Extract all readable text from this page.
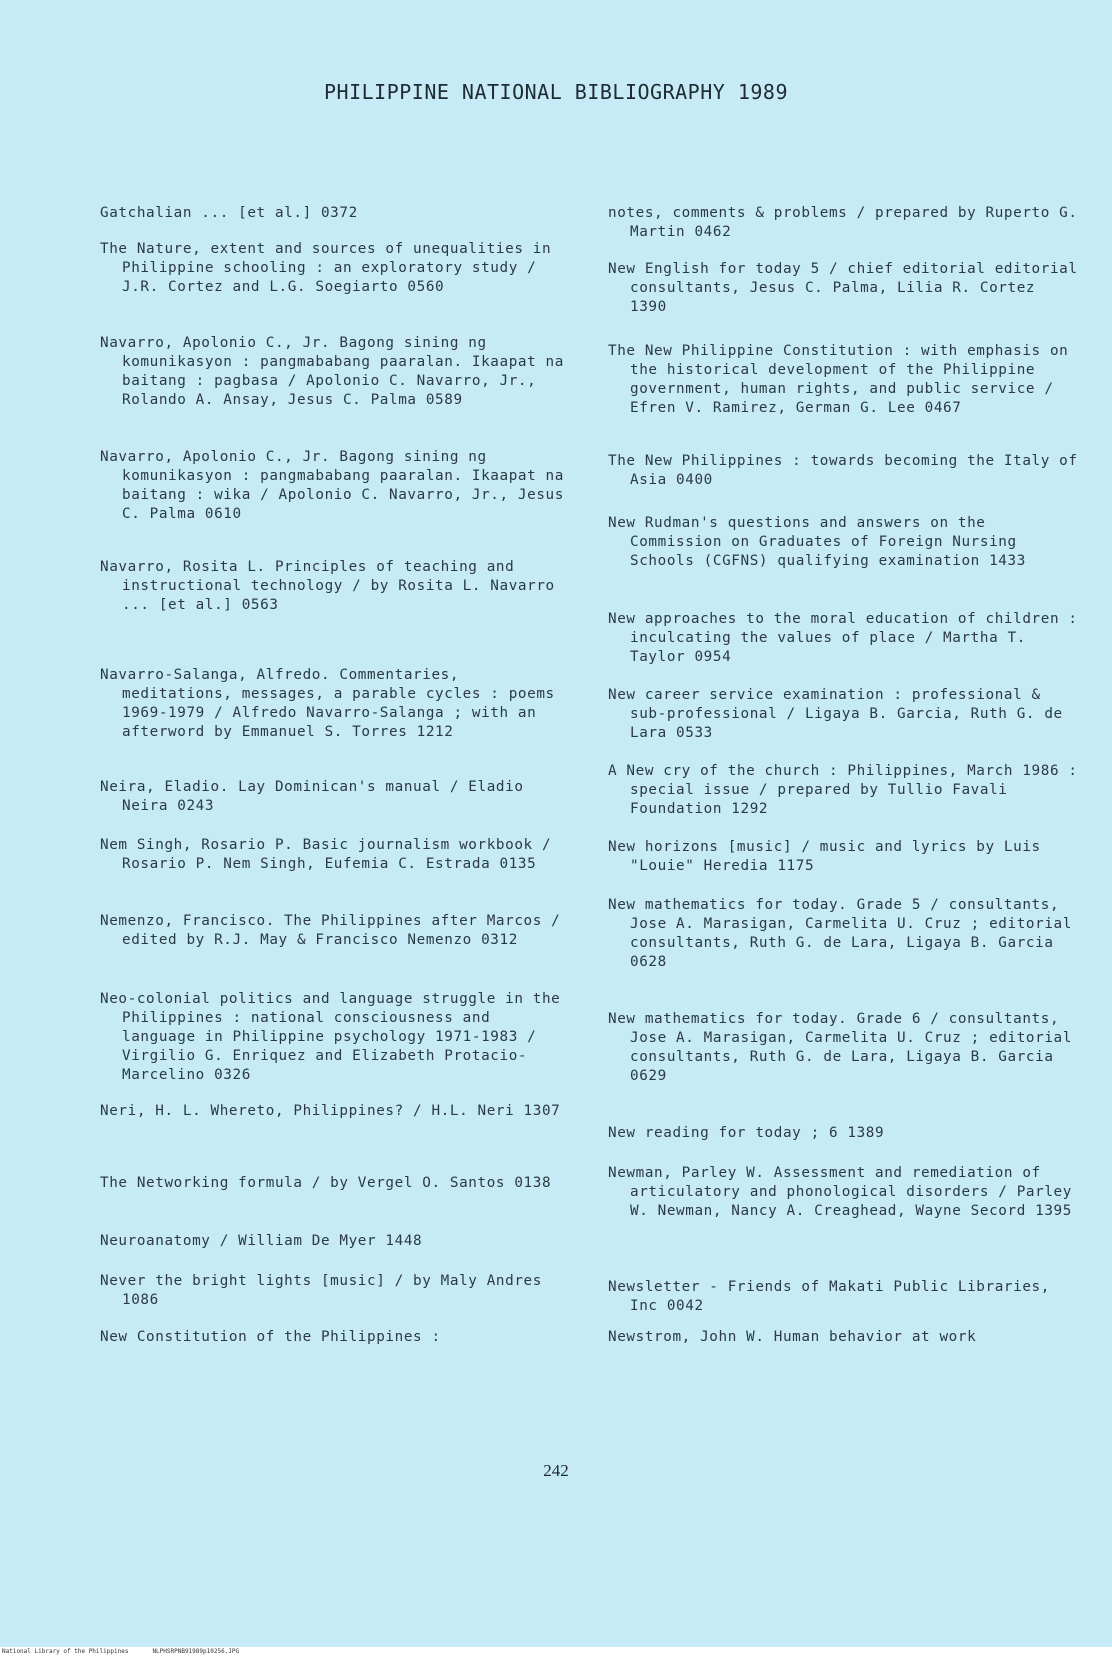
PHILIPPINE NATIONAL BIBLIOGRAPHY 1989
Gatchalian ... [et al.] 0372
The Nature, extent and sources of unequalities in Philippine schooling : an exploratory study / J.R. Cortez and L.G. Soegiarto 0560
Navarro, Apolonio C., Jr. Bagong sining ng komunikasyon : pangmababang paaralan. Ikaapat na baitang : pagbasa / Apolonio C. Navarro, Jr., Rolando A. Ansay, Jesus C. Palma 0589
Navarro, Apolonio C., Jr. Bagong sining ng komunikasyon : pangmababang paaralan. Ikaapat na baitang : wika / Apolonio C. Navarro, Jr., Jesus C. Palma 0610
Navarro, Rosita L. Principles of teaching and instructional technology / by Rosita L. Navarro ... [et al.] 0563
Navarro-Salanga, Alfredo. Commentaries, meditations, messages, a parable cycles : poems 1969-1979 / Alfredo Navarro-Salanga ; with an afterword by Emmanuel S. Torres 1212
Neira, Eladio. Lay Dominican's manual / Eladio Neira 0243
Nem Singh, Rosario P. Basic journalism workbook / Rosario P. Nem Singh, Eufemia C. Estrada 0135
Nemenzo, Francisco. The Philippines after Marcos / edited by R.J. May & Francisco Nemenzo 0312
Neo-colonial politics and language struggle in the Philippines : national consciousness and language in Philippine psychology 1971-1983 / Virgilio G. Enriquez and Elizabeth Protacio-Marcelino 0326
Neri, H. L. Whereto, Philippines? / H.L. Neri 1307
The Networking formula / by Vergel O. Santos 0138
Neuroanatomy / William De Myer 1448
Never the bright lights [music] / by Maly Andres 1086
New Constitution of the Philippines :
notes, comments & problems / prepared by Ruperto G. Martin 0462
New English for today 5 / chief editorial editorial consultants, Jesus C. Palma, Lilia R. Cortez 1390
The New Philippine Constitution : with emphasis on the historical development of the Philippine government, human rights, and public service / Efren V. Ramirez, German G. Lee 0467
The New Philippines : towards becoming the Italy of Asia 0400
New Rudman's questions and answers on the Commission on Graduates of Foreign Nursing Schools (CGFNS) qualifying examination 1433
New approaches to the moral education of children : inculcating the values of place / Martha T. Taylor 0954
New career service examination : professional & sub-professional / Ligaya B. Garcia, Ruth G. de Lara 0533
A New cry of the church : Philippines, March 1986 : special issue / prepared by Tullio Favali Foundation 1292
New horizons [music] / music and lyrics by Luis "Louie" Heredia 1175
New mathematics for today. Grade 5 / consultants, Jose A. Marasigan, Carmelita U. Cruz ; editorial consultants, Ruth G. de Lara, Ligaya B. Garcia 0628
New mathematics for today. Grade 6 / consultants, Jose A. Marasigan, Carmelita U. Cruz ; editorial consultants, Ruth G. de Lara, Ligaya B. Garcia 0629
New reading for today ; 6 1389
Newman, Parley W. Assessment and remediation of articulatory and phonological disorders / Parley W. Newman, Nancy A. Creaghead, Wayne Secord 1395
Newsletter - Friends of Makati Public Libraries, Inc 0042
Newstrom, John W. Human behavior at work
242
National Library of the Philippines	NLPHSRPNB91989p10256.JPG
